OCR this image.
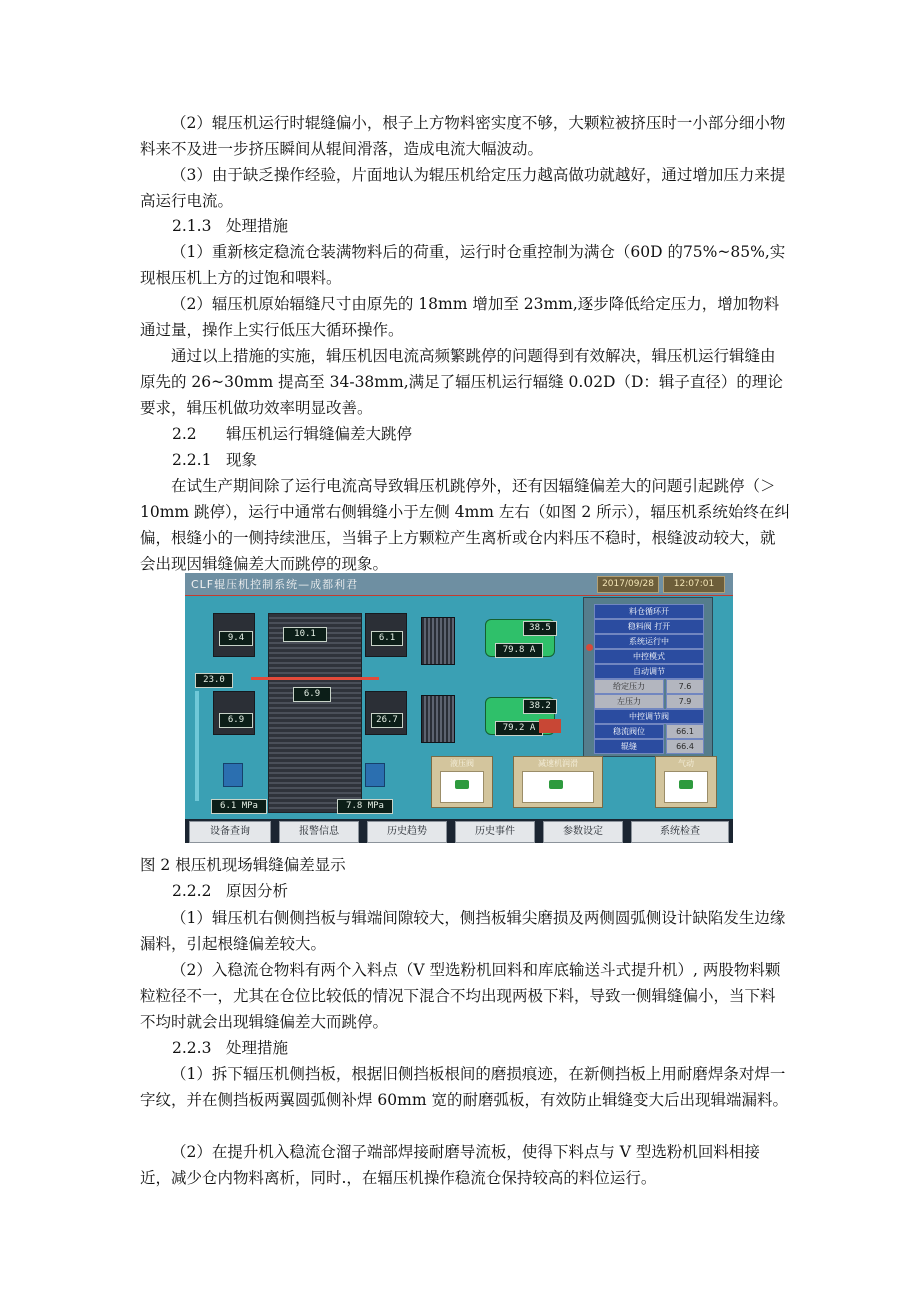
（2）辊压机运行时辊缝偏小，根子上方物料密实度不够，大颗粒被挤压时一小部分细小物料来不及进一步挤压瞬间从辊间滑落，造成电流大幅波动。

（3）由于缺乏操作经验，片面地认为辊压机给定压力越高做功就越好，通过增加压力来提高运行电流。

2.1.3 处理措施

（1）重新核定稳流仓装满物料后的荷重，运行时仓重控制为满仓（60D 的75%~85%,实现根压机上方的过饱和喂料。

（2）辐压机原始辐缝尺寸由原先的 18mm 增加至 23mm,逐步降低给定压力，增加物料通过量，操作上实行低压大循环操作。

通过以上措施的实施，辑压机因电流高频繁跳停的问题得到有效解决，辑压机运行辑缝由原先的 26~30mm 提高至 34-38mm,满足了辐压机运行辐缝 0.02D（D：辑子直径）的理论要求，辑压机做功效率明显改善。

2.2 辑压机运行辑缝偏差大跳停

2.2.1 现象

在试生产期间除了运行电流高导致辑压机跳停外，还有因辐缝偏差大的问题引起跳停（＞10mm 跳停），运行中通常右侧辑缝小于左侧 4mm 左右（如图 2 所示），辐压机系统始终在纠偏，根缝小的一侧持续泄压，当辑子上方颗粒产生离析或仓内料压不稳时，根缝波动较大，就会出现因辑缝偏差大而跳停的现象。

CLF辊压机控制系统—成都利君	2017/09/28	12:07:01
9.4
23.0
6.9
6.1 MPa
10.1
6.9
6.1
26.7
7.8 MPa
38.5
38.2
79.8 A
79.2 A
料仓循环开
稳料阀 打开
系统运行中
中控模式
自动调节
给定压力	7.6
左压力	7.9
中控调节阀
稳流阀位	66.1
辊缝	66.4
液压阀	减速机润滑	气动
设备查询	报警信息	历史趋势	历史事件	参数设定	系统检查

图 2 根压机现场辑缝偏差显示

2.2.2 原因分析

（1）辑压机右侧侧挡板与辑端间隙较大，侧挡板辑尖磨损及两侧圆弧侧设计缺陷发生边缘漏料，引起根缝偏差较大。

（2）入稳流仓物料有两个入料点（V 型选粉机回料和库底输送斗式提升机）, 两股物料颗粒粒径不一，尤其在仓位比较低的情况下混合不均出现两极下料，导致一侧辑缝偏小，当下料不均时就会出现辑缝偏差大而跳停。

2.2.3 处理措施

（1）拆下辐压机侧挡板，根据旧侧挡板根间的磨损痕迹，在新侧挡板上用耐磨焊条对焊一字纹，并在侧挡板两翼圆弧侧补焊 60mm 宽的耐磨弧板，有效防止辑缝变大后出现辑端漏料。

（2）在提升机入稳流仓溜子端部焊接耐磨导流板，使得下料点与 V 型选粉机回料相接近，减少仓内物料离析，同时.，在辐压机操作稳流仓保持较高的料位运行。
